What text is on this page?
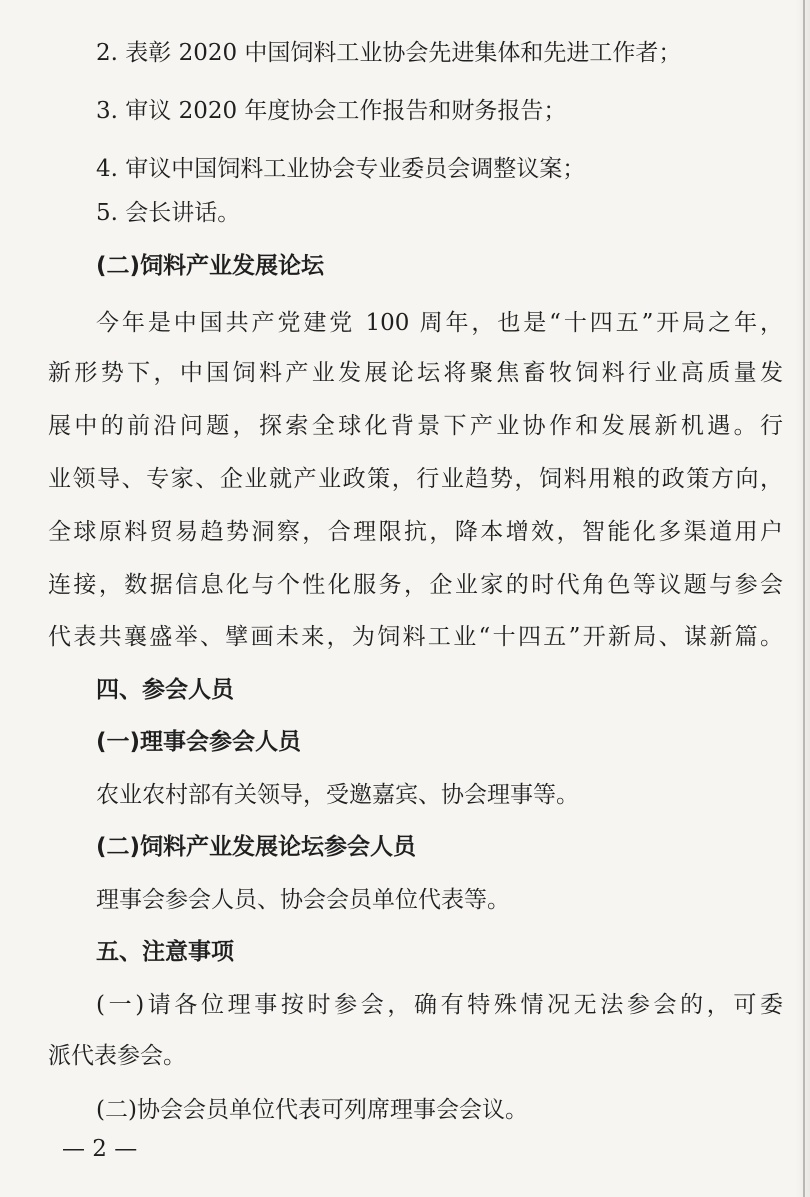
2. 表彰 2020 中国饲料工业协会先进集体和先进工作者；
3. 审议 2020 年度协会工作报告和财务报告；
4. 审议中国饲料工业协会专业委员会调整议案；
5. 会长讲话。
(二)饲料产业发展论坛
今年是中国共产党建党 100 周年，也是“十四五”开局之年，
新形势下，中国饲料产业发展论坛将聚焦畜牧饲料行业高质量发
展中的前沿问题，探索全球化背景下产业协作和发展新机遇。行
业领导、专家、企业就产业政策，行业趋势，饲料用粮的政策方向，
全球原料贸易趋势洞察，合理限抗，降本增效，智能化多渠道用户
连接，数据信息化与个性化服务，企业家的时代角色等议题与参会
代表共襄盛举、擘画未来，为饲料工业“十四五”开新局、谋新篇。
四、参会人员
(一)理事会参会人员
农业农村部有关领导，受邀嘉宾、协会理事等。
(二)饲料产业发展论坛参会人员
理事会参会人员、协会会员单位代表等。
五、注意事项
(一)请各位理事按时参会，确有特殊情况无法参会的，可委
派代表参会。
(二)协会会员单位代表可列席理事会会议。
— 2 —
